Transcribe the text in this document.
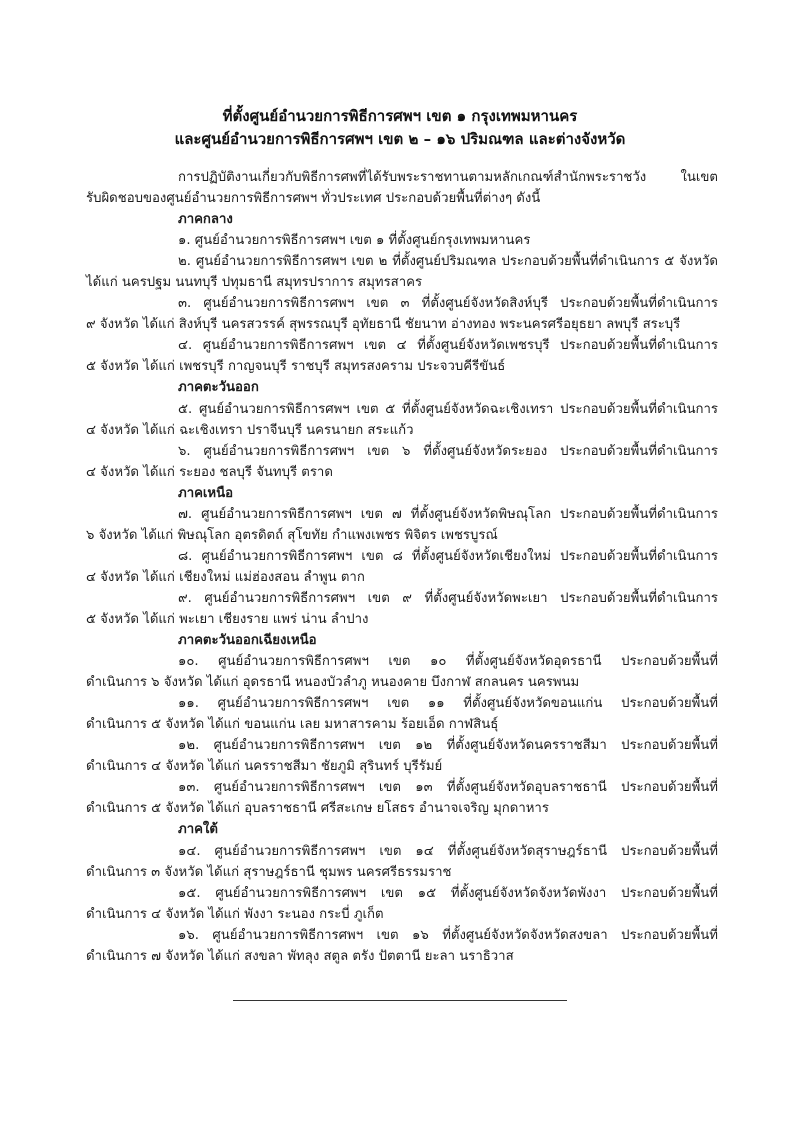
ที่ตั้งศูนย์อำนวยการพิธีการศพฯ เขต ๑ กรุงเทพมหานคร
และศูนย์อำนวยการพิธีการศพฯ เขต ๒ – ๑๖ ปริมณฑล และต่างจังหวัด
การปฏิบัติงานเกี่ยวกับพิธีการศพที่ได้รับพระราชทานตามหลักเกณฑ์สำนักพระราชวัง ในเขต
รับผิดชอบของศูนย์อำนวยการพิธีการศพฯ ทั่วประเทศ ประกอบด้วยพื้นที่ต่างๆ ดังนี้
ภาคกลาง
๑. ศูนย์อำนวยการพิธีการศพฯ เขต ๑ ที่ตั้งศูนย์กรุงเทพมหานคร
๒. ศูนย์อำนวยการพิธีการศพฯ เขต ๒ ที่ตั้งศูนย์ปริมณฑล ประกอบด้วยพื้นที่ดำเนินการ ๕ จังหวัด
ได้แก่ นครปฐม นนทบุรี ปทุมธานี สมุทรปราการ สมุทรสาคร
๓. ศูนย์อำนวยการพิธีการศพฯ เขต ๓ ที่ตั้งศูนย์จังหวัดสิงห์บุรี ประกอบด้วยพื้นที่ดำเนินการ
๙ จังหวัด ได้แก่ สิงห์บุรี นครสวรรค์ สุพรรณบุรี อุทัยธานี ชัยนาท อ่างทอง พระนครศรีอยุธยา ลพบุรี สระบุรี
๔. ศูนย์อำนวยการพิธีการศพฯ เขต ๔ ที่ตั้งศูนย์จังหวัดเพชรบุรี ประกอบด้วยพื้นที่ดำเนินการ
๕ จังหวัด ได้แก่ เพชรบุรี กาญจนบุรี ราชบุรี สมุทรสงคราม ประจวบคีรีขันธ์
ภาคตะวันออก
๕. ศูนย์อำนวยการพิธีการศพฯ เขต ๕ ที่ตั้งศูนย์จังหวัดฉะเชิงเทรา ประกอบด้วยพื้นที่ดำเนินการ
๔ จังหวัด ได้แก่ ฉะเชิงเทรา ปราจีนบุรี นครนายก สระแก้ว
๖. ศูนย์อำนวยการพิธีการศพฯ เขต ๖ ที่ตั้งศูนย์จังหวัดระยอง ประกอบด้วยพื้นที่ดำเนินการ
๔ จังหวัด ได้แก่ ระยอง ชลบุรี จันทบุรี ตราด
ภาคเหนือ
๗. ศูนย์อำนวยการพิธีการศพฯ เขต ๗ ที่ตั้งศูนย์จังหวัดพิษณุโลก ประกอบด้วยพื้นที่ดำเนินการ
๖ จังหวัด ได้แก่ พิษณุโลก อุตรดิตถ์ สุโขทัย กำแพงเพชร พิจิตร เพชรบูรณ์
๘. ศูนย์อำนวยการพิธีการศพฯ เขต ๘ ที่ตั้งศูนย์จังหวัดเชียงใหม่ ประกอบด้วยพื้นที่ดำเนินการ
๔ จังหวัด ได้แก่ เชียงใหม่ แม่ฮ่องสอน ลำพูน ตาก
๙. ศูนย์อำนวยการพิธีการศพฯ เขต ๙ ที่ตั้งศูนย์จังหวัดพะเยา ประกอบด้วยพื้นที่ดำเนินการ
๕ จังหวัด ได้แก่ พะเยา เชียงราย แพร่ น่าน ลำปาง
ภาคตะวันออกเฉียงเหนือ
๑๐. ศูนย์อำนวยการพิธีการศพฯ เขต ๑๐ ที่ตั้งศูนย์จังหวัดอุดรธานี ประกอบด้วยพื้นที่
ดำเนินการ ๖ จังหวัด ได้แก่ อุดรธานี หนองบัวลำภู หนองคาย บึงกาฬ สกลนคร นครพนม
๑๑. ศูนย์อำนวยการพิธีการศพฯ เขต ๑๑ ที่ตั้งศูนย์จังหวัดขอนแก่น ประกอบด้วยพื้นที่
ดำเนินการ ๕ จังหวัด ได้แก่ ขอนแก่น เลย มหาสารคาม ร้อยเอ็ด กาฬสินธุ์
๑๒. ศูนย์อำนวยการพิธีการศพฯ เขต ๑๒ ที่ตั้งศูนย์จังหวัดนครราชสีมา ประกอบด้วยพื้นที่
ดำเนินการ ๔ จังหวัด ได้แก่ นครราชสีมา ชัยภูมิ สุรินทร์ บุรีรัมย์
๑๓. ศูนย์อำนวยการพิธีการศพฯ เขต ๑๓ ที่ตั้งศูนย์จังหวัดอุบลราชธานี ประกอบด้วยพื้นที่
ดำเนินการ ๕ จังหวัด ได้แก่ อุบลราชธานี ศรีสะเกษ ยโสธร อำนาจเจริญ มุกดาหาร
ภาคใต้
๑๔. ศูนย์อำนวยการพิธีการศพฯ เขต ๑๔ ที่ตั้งศูนย์จังหวัดสุราษฎร์ธานี ประกอบด้วยพื้นที่
ดำเนินการ ๓ จังหวัด ได้แก่ สุราษฎร์ธานี ชุมพร นครศรีธรรมราช
๑๕. ศูนย์อำนวยการพิธีการศพฯ เขต ๑๕ ที่ตั้งศูนย์จังหวัดจังหวัดพังงา ประกอบด้วยพื้นที่
ดำเนินการ ๔ จังหวัด ได้แก่ พังงา ระนอง กระบี่ ภูเก็ต
๑๖. ศูนย์อำนวยการพิธีการศพฯ เขต ๑๖ ที่ตั้งศูนย์จังหวัดจังหวัดสงขลา ประกอบด้วยพื้นที่
ดำเนินการ ๗ จังหวัด ได้แก่ สงขลา พัทลุง สตูล ตรัง ปัตตานี ยะลา นราธิวาส
